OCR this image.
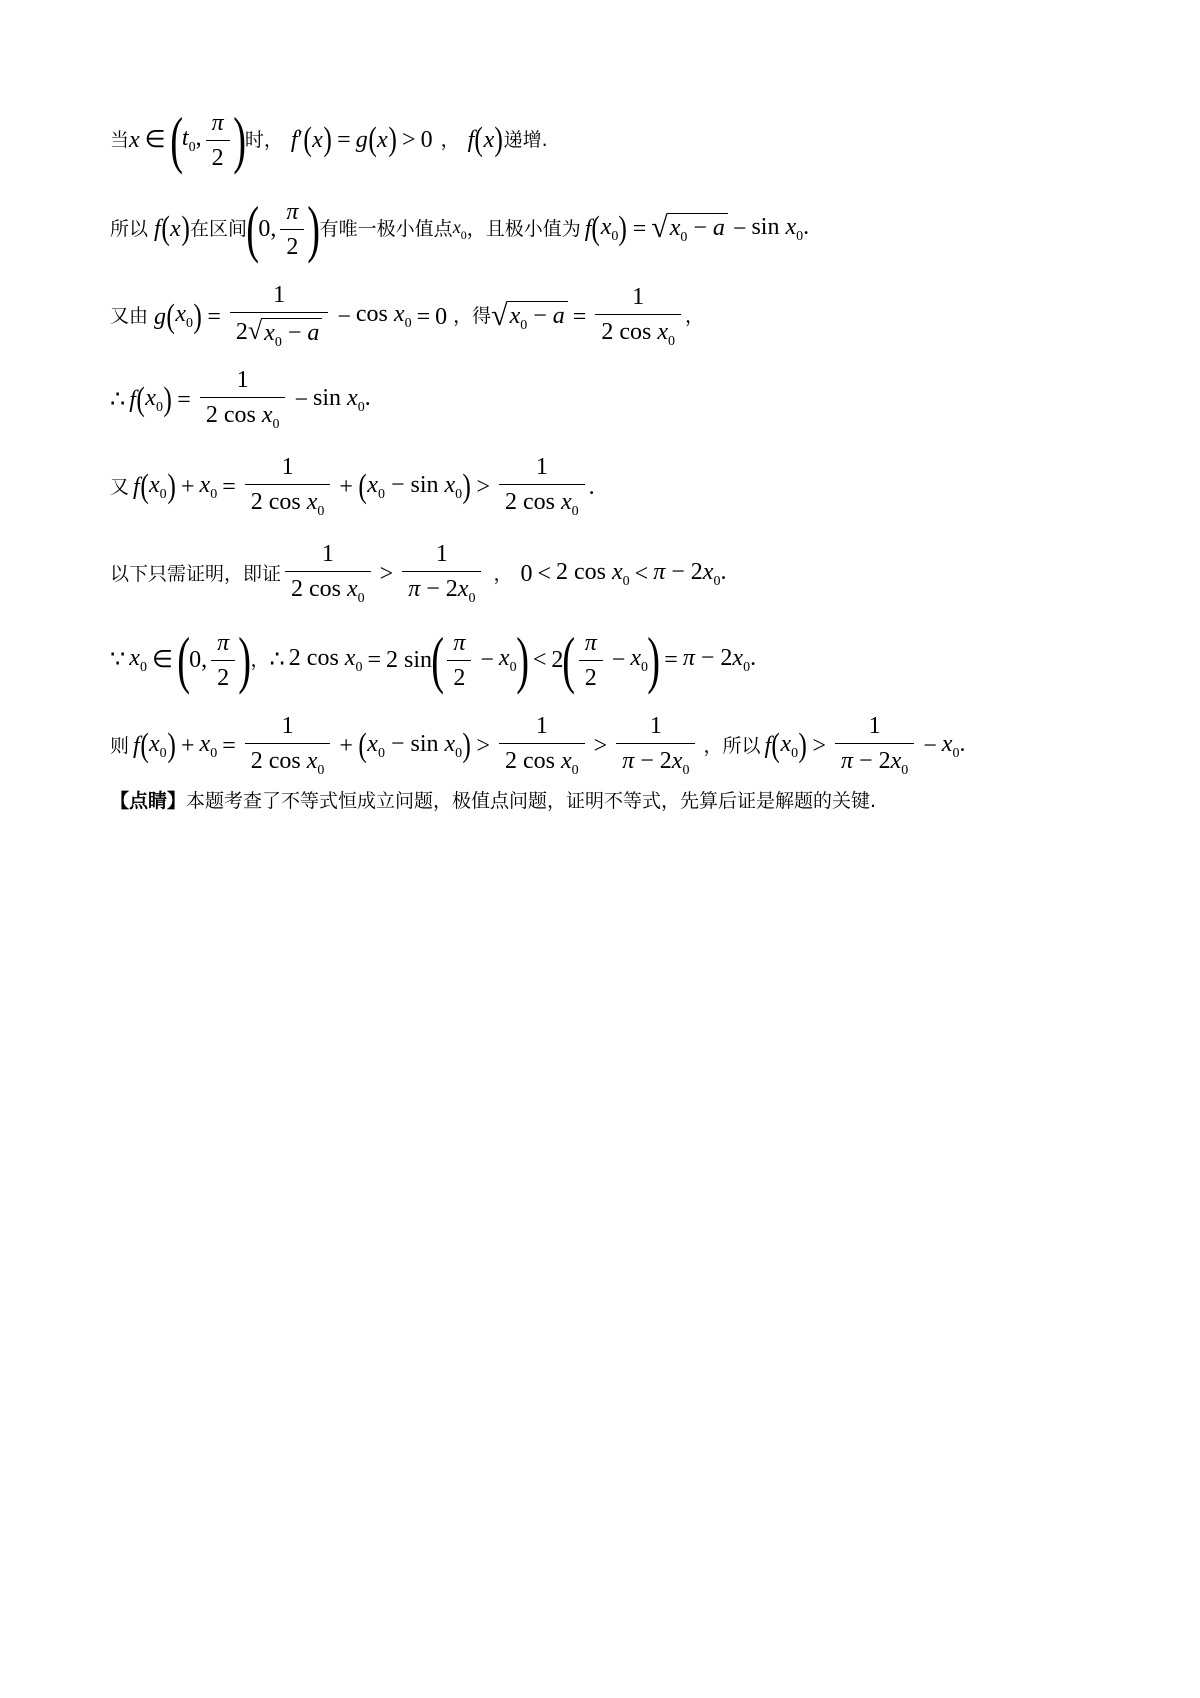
当 x ∈ ( $t_0$, $\frac{\pi}{2}$ ) 时， f′ ( x ) = g ( x ) > 0 ， f ( x ) 递增.
所以 f ( x ) 在区间 ( 0, $\frac{\pi}{2}$ ) 有唯一极小值点 $x_0$ ，且极小值为 f ( $x_0$ ) = √ $x_0 - a - \sin x_0$.
又由 g ( $x_0$ ) = $\frac{1}{2 √ x_0 - a} - \cos x_0 = 0$ ，得 √ $x_0 - a = \frac{1}{2 \cos x_0}$ ，
∴ f ( $x_0$ ) = $\frac{1}{2 \cos x_0} - \sin x_0$.
又 f ( $x_0$ ) + $x_0 = \frac{1}{2 \cos x_0}$ + ( $x_0 - \sin x_0$ ) > $\frac{1}{2 \cos x_0}$ .
以下只需证明，即证 $\frac{1}{2 \cos x_0} > \frac{1}{\pi - 2x_0}$ ， 0 < 2 $\cos x_0 < \pi - 2x_0$.
∵ $x_0$ ∈ ( 0, $\frac{\pi}{2}$ ) ， ∴ 2 $\cos x_0 = 2$ sin ( $\frac{\pi}{2} - x_0$ ) < 2 ( $\frac{\pi}{2} - x_0$ ) = $\pi - 2x_0$.
则 f ( $x_0$ ) + $x_0 = \frac{1}{2 \cos x_0}$ + ( $x_0 - \sin x_0$ ) > $\frac{1}{2 \cos x_0} > \frac{1}{\pi - 2x_0}$ ，所以 f ( $x_0$ ) > $\frac{1}{\pi - 2x_0} - x_0$.
【点睛】 本题考查了不等式恒成立问题，极值点问题，证明不等式，先算后证是解题的关键.
